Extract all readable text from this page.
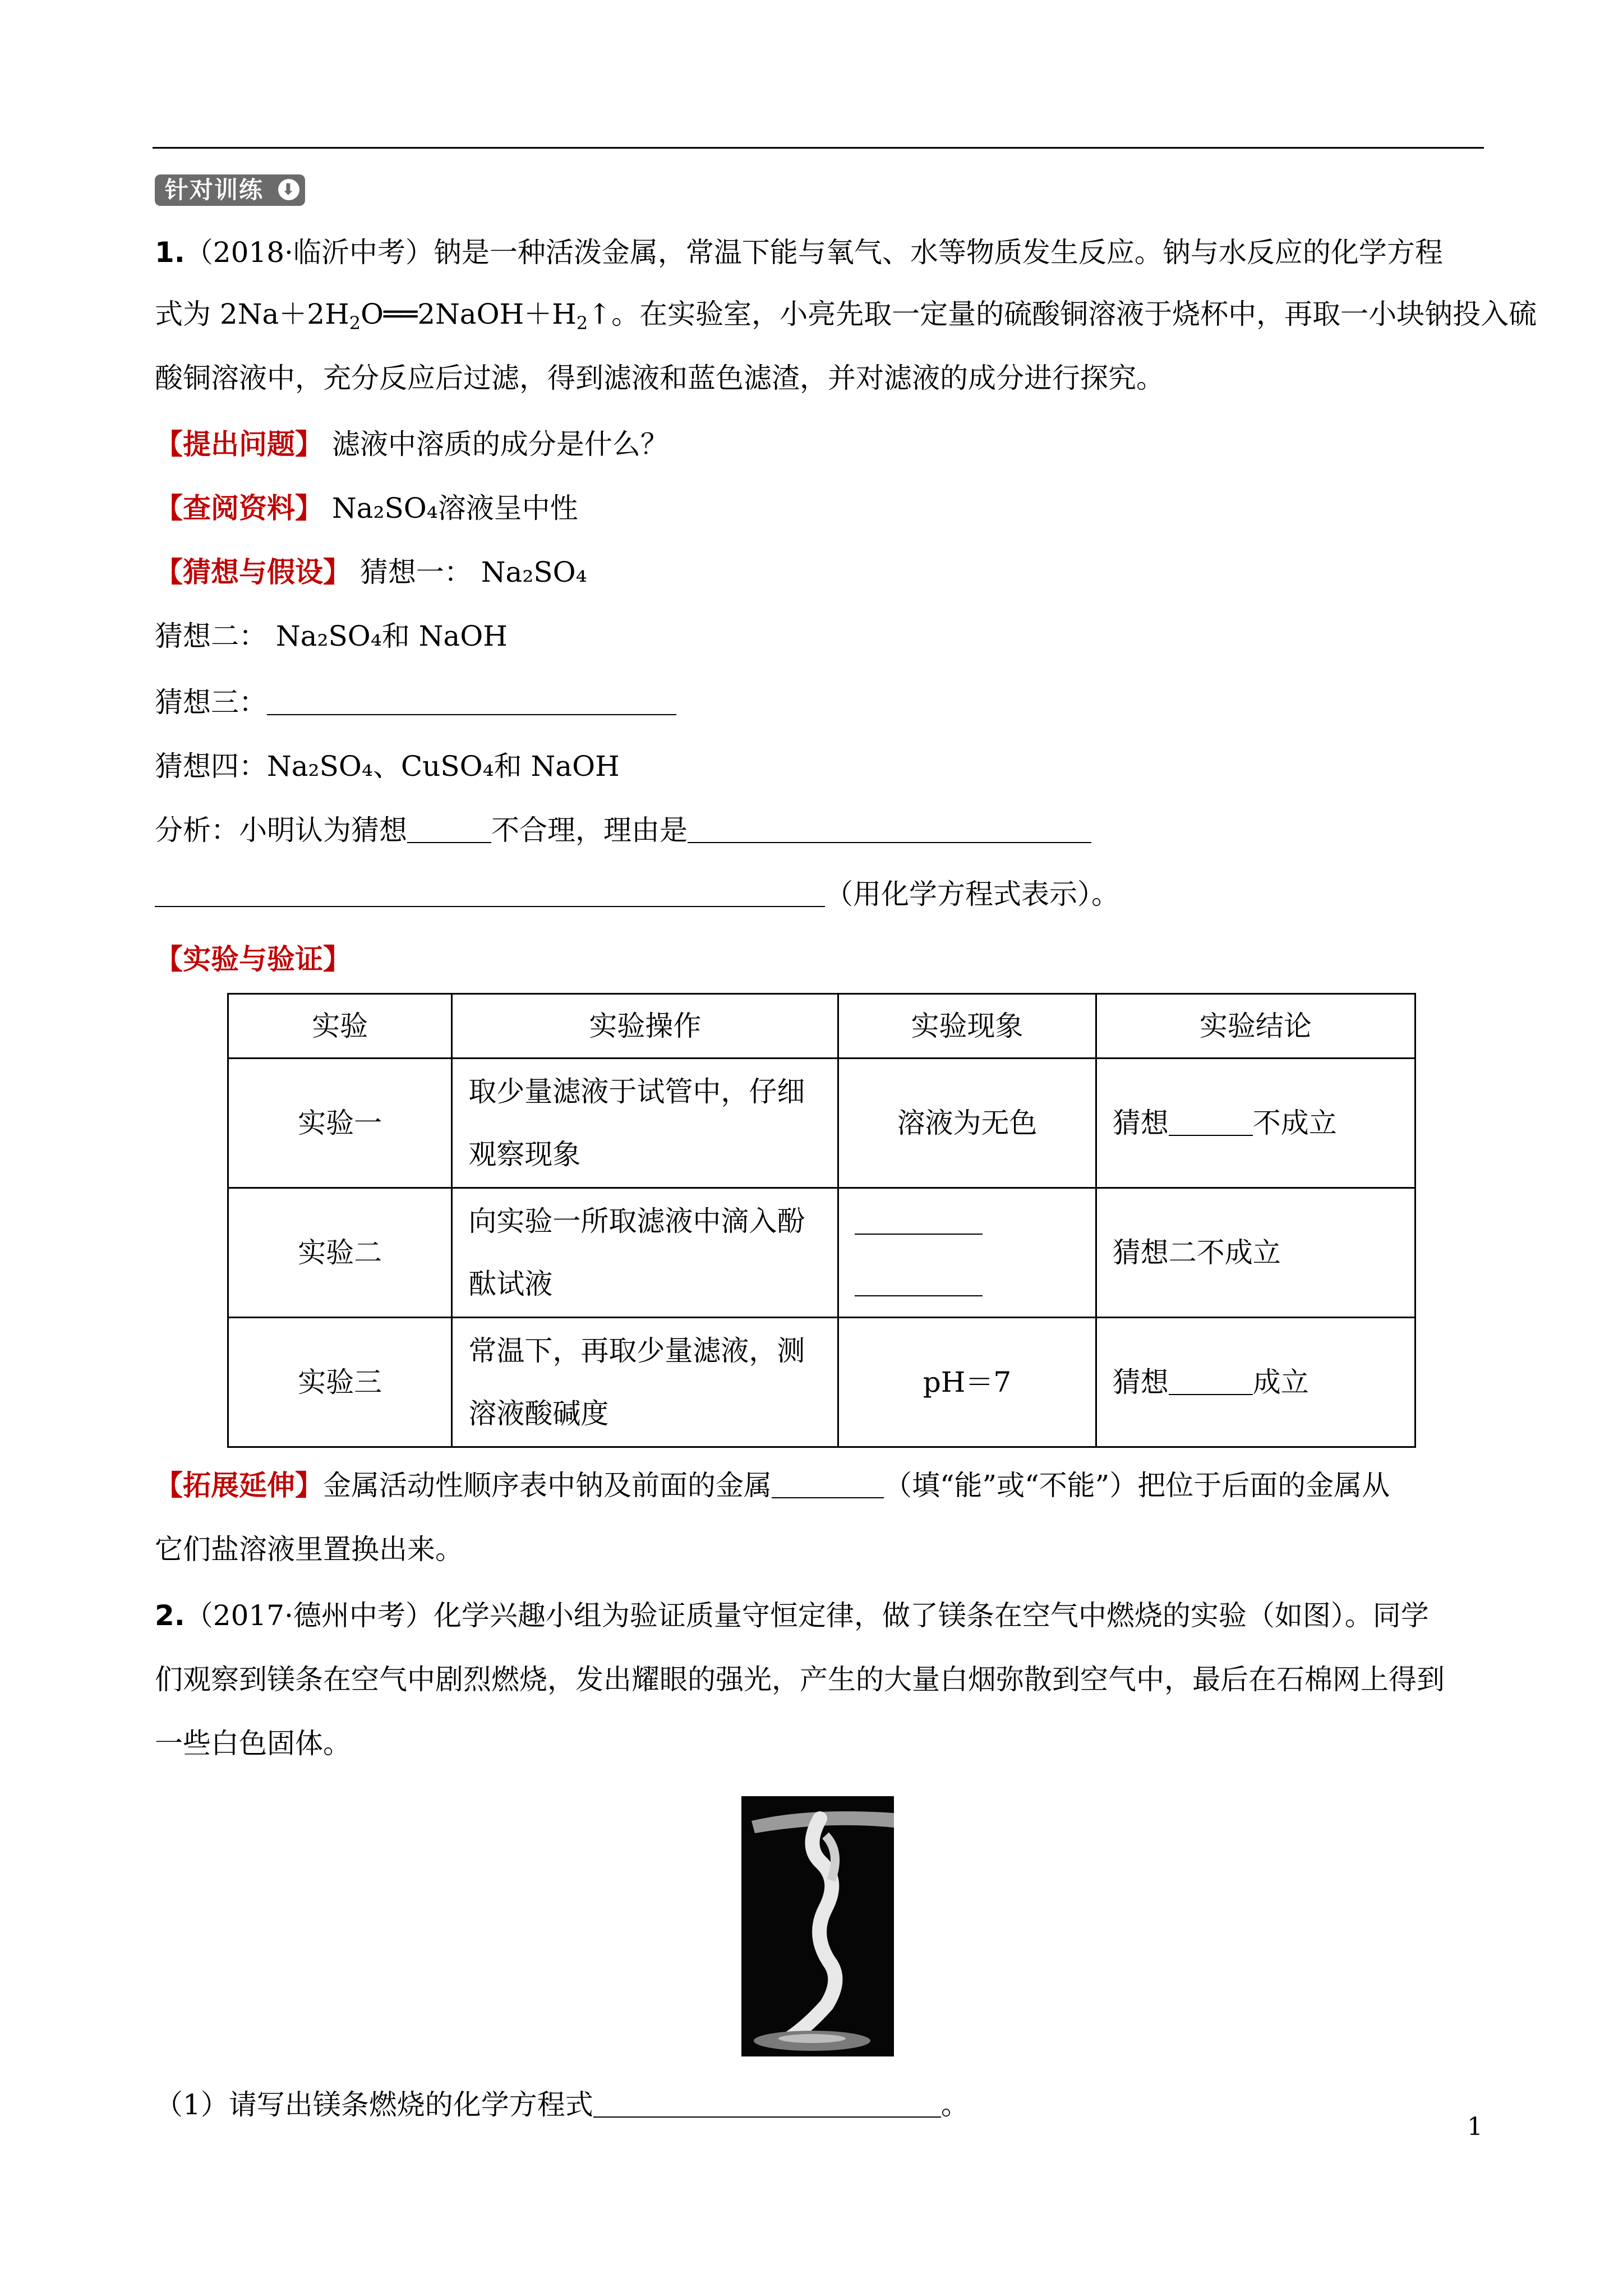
针对训练 ⬇
1.（2018·临沂中考）钠是一种活泼金属，常温下能与氧气、水等物质发生反应。钠与水反应的化学方程
式为 $2Na+2H_2O══2NaOH+H_2↑$。在实验室，小亮先取一定量的硫酸铜溶液于烧杯中，再取一小块钠投入硫
酸铜溶液中，充分反应后过滤，得到滤液和蓝色滤渣，并对滤液的成分进行探究。
【提出问题】 滤液中溶质的成分是什么？
【查阅资料】 Na₂SO₄溶液呈中性
【猜想与假设】 猜想一： Na₂SO₄
猜想二： Na₂SO₄和 NaOH
猜想三：
猜想四：Na₂SO₄、CuSO₄和 NaOH
分析：小明认为猜想	不合理，理由是
（用化学方程式表示）。
【实验与验证】
实验	实验操作	实验现象	实验结论
实验一	取少量滤液于试管中，仔细
观察现象	溶液为无色	猜想 不成立
实验二	向实验一所取滤液中滴入酚
酞试液		猜想二不成立
实验三	常温下，再取少量滤液，测
溶液酸碱度	pH＝7	猜想 成立
【拓展延伸】金属活动性顺序表中钠及前面的金属	（填“能”或“不能”）把位于后面的金属从
它们盐溶液里置换出来。
2.（2017·德州中考）化学兴趣小组为验证质量守恒定律，做了镁条在空气中燃烧的实验（如图）。同学
们观察到镁条在空气中剧烈燃烧，发出耀眼的强光，产生的大量白烟弥散到空气中，最后在石棉网上得到
一些白色固体。
（1）请写出镁条燃烧的化学方程式	。
1
